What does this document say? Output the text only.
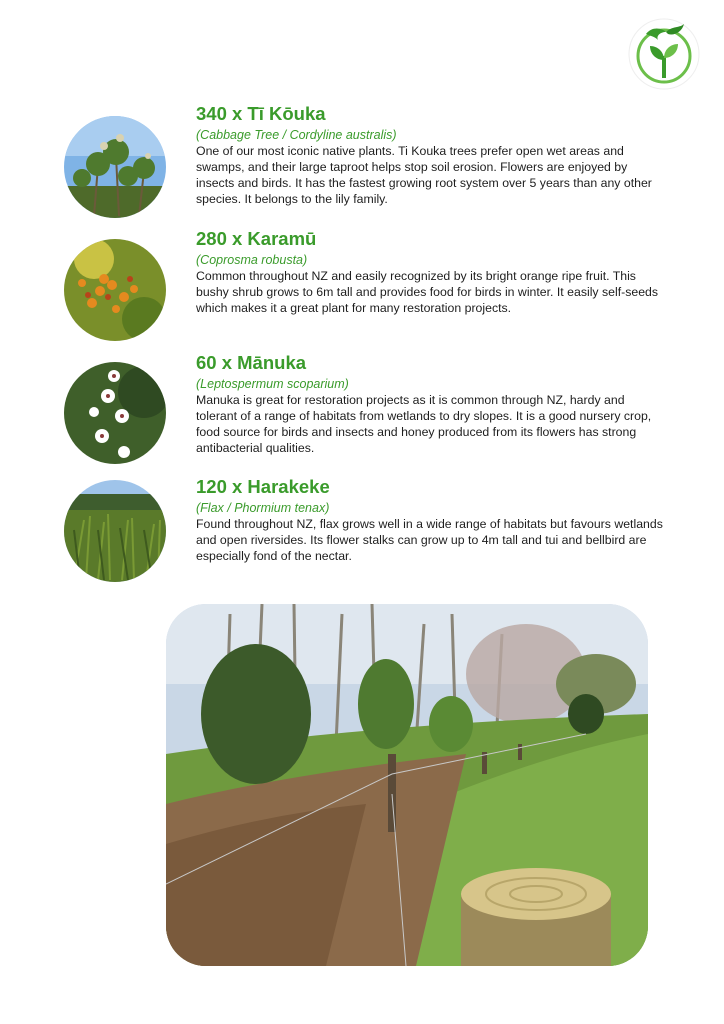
340 x Tī Kōuka
(Cabbage Tree / Cordyline australis)
One of our most iconic native plants. Ti Kouka trees prefer open wet areas and swamps, and their large taproot helps stop soil erosion. Flowers are enjoyed by insects and birds. It has the fastest growing root system over 5 years than any other species. It belongs to the lily family.
280 x Karamū
(Coprosma robusta)
Common throughout NZ and easily recognized by its bright orange ripe fruit. This bushy shrub grows to 6m tall and provides food for birds in winter. It easily self-seeds which makes it a great plant for many restoration projects.
60 x Mānuka
(Leptospermum scoparium)
Manuka is great for restoration projects as it is common through NZ, hardy and tolerant of a range of habitats from wetlands to dry slopes. It is a good nursery crop, food source for birds and insects and honey produced from its flowers has strong antibacterial qualities.
120 x Harakeke
(Flax / Phormium tenax)
Found throughout NZ, flax grows well in a wide range of habitats but favours wetlands and open riversides. Its flower stalks can grow up to 4m tall and tui and bellbird are especially fond of the nectar.
